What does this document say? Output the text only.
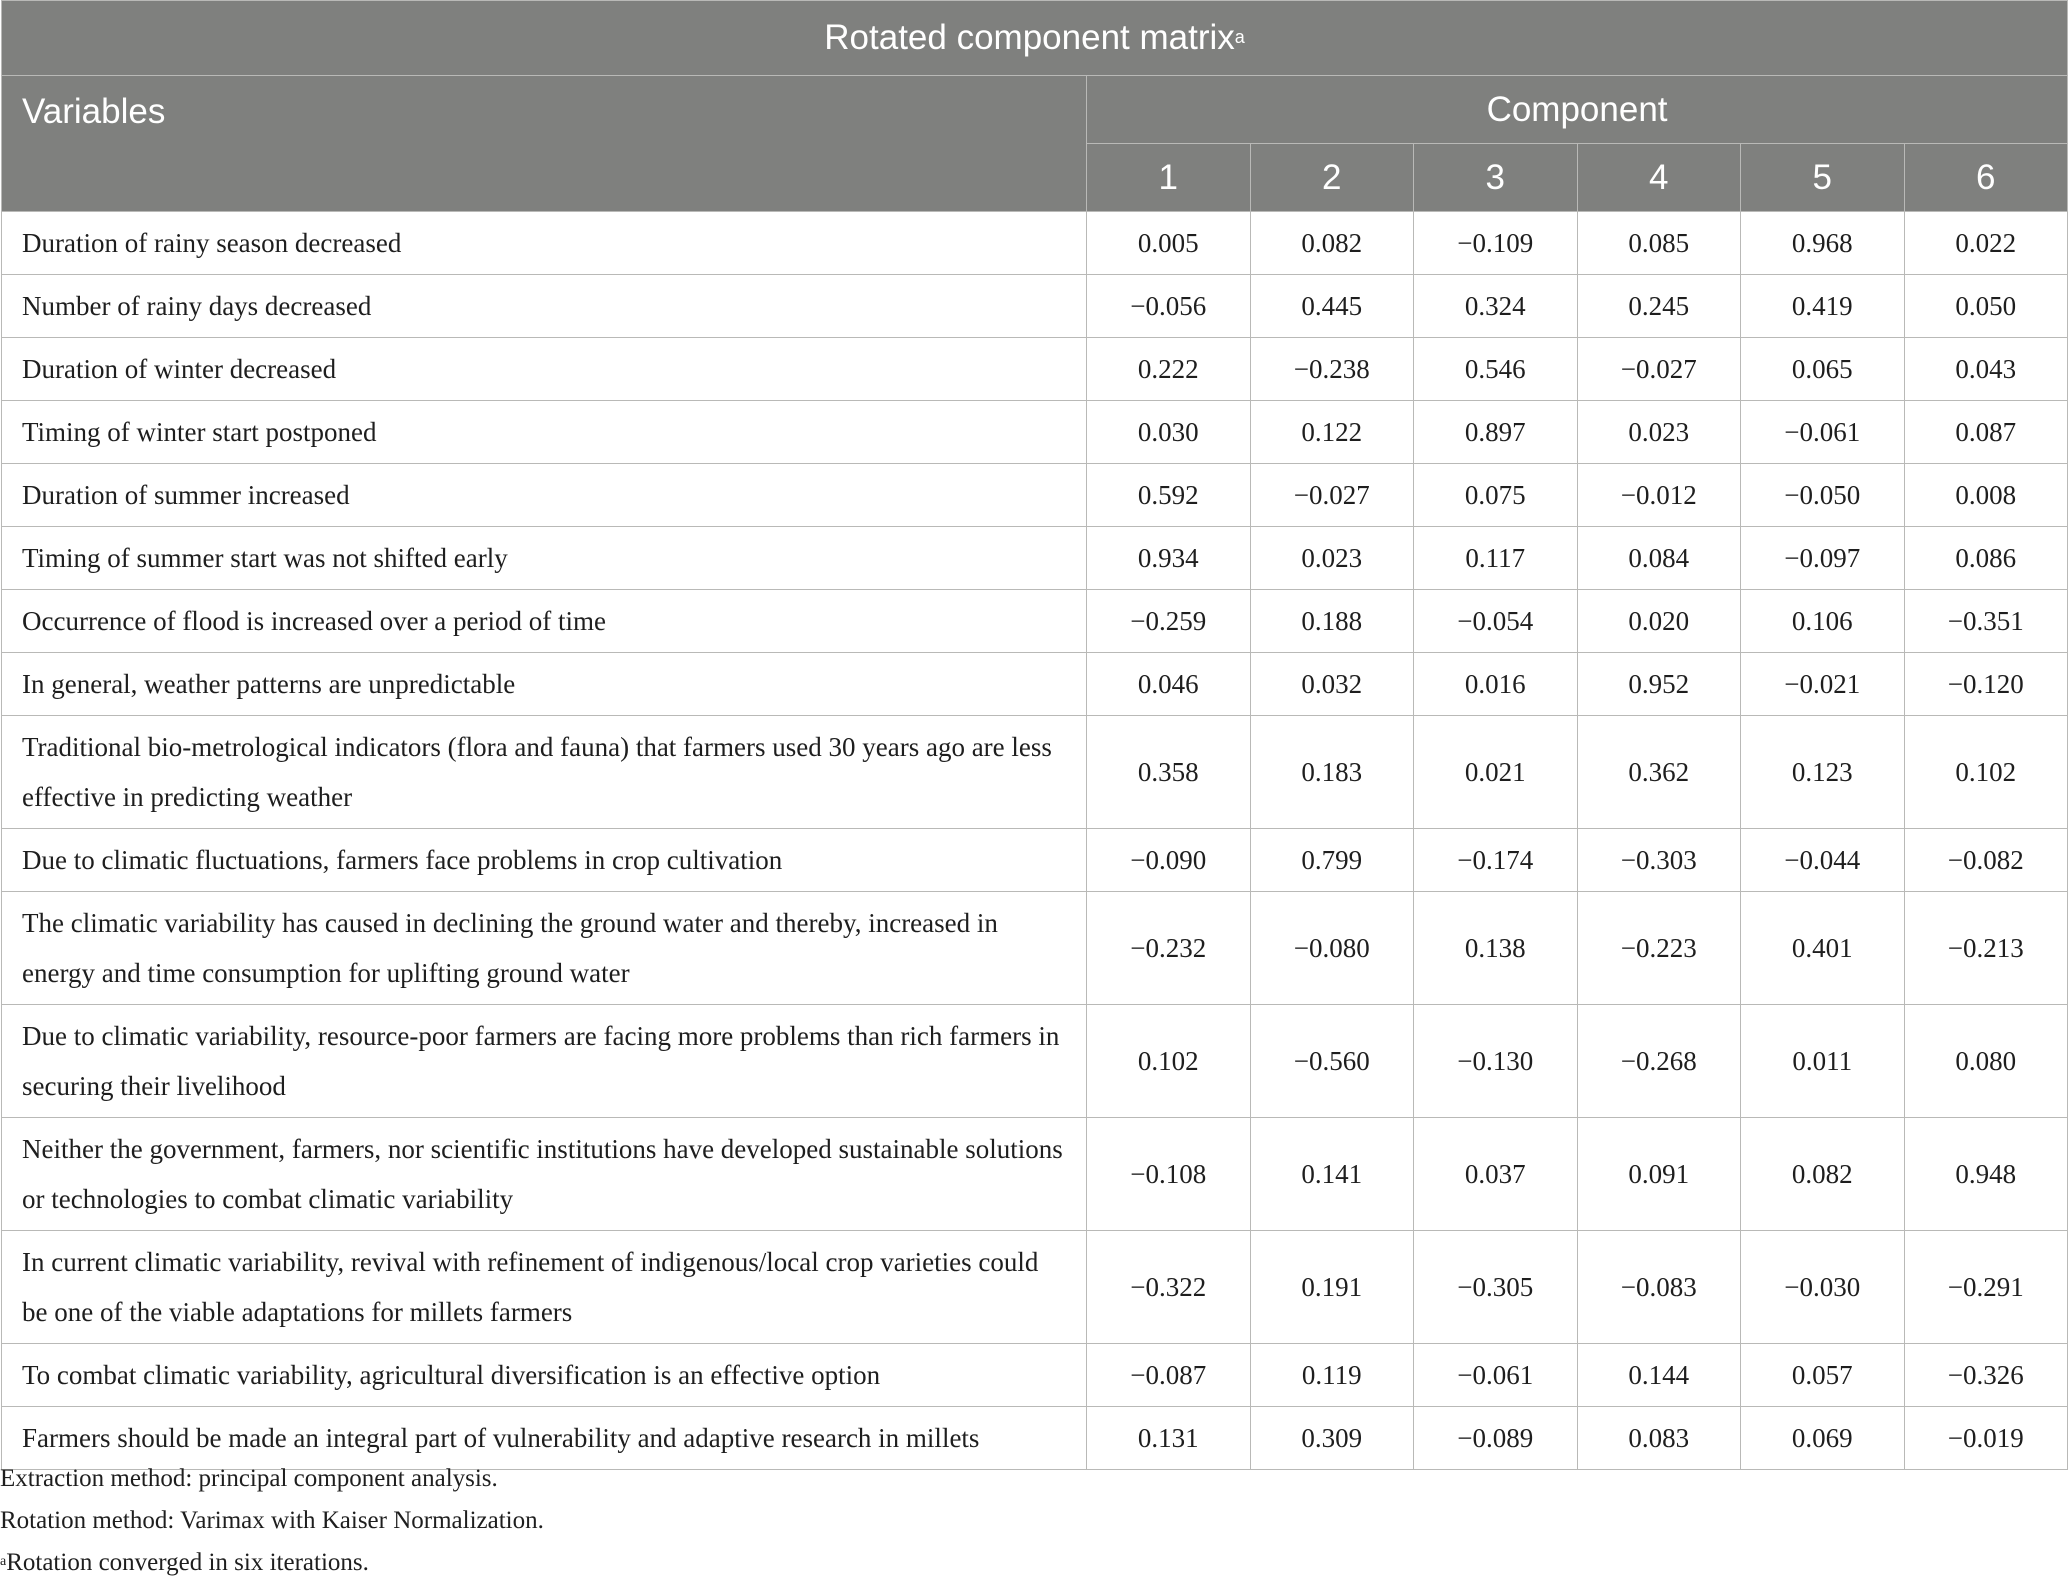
Rotated component matrix$^a$
Variables	Component					
	1	2	3	4	5	6
Duration of rainy season decreased	0.005	0.082	−0.109	0.085	0.968	0.022
Number of rainy days decreased	−0.056	0.445	0.324	0.245	0.419	0.050
Duration of winter decreased	0.222	−0.238	0.546	−0.027	0.065	0.043
Timing of winter start postponed	0.030	0.122	0.897	0.023	−0.061	0.087
Duration of summer increased	0.592	−0.027	0.075	−0.012	−0.050	0.008
Timing of summer start was not shifted early	0.934	0.023	0.117	0.084	−0.097	0.086
Occurrence of flood is increased over a period of time	−0.259	0.188	−0.054	0.020	0.106	−0.351
In general, weather patterns are unpredictable	0.046	0.032	0.016	0.952	−0.021	−0.120
Traditional bio-metrological indicators (flora and fauna) that farmers used 30 years ago are less effective in predicting weather	0.358	0.183	0.021	0.362	0.123	0.102
Due to climatic fluctuations, farmers face problems in crop cultivation	−0.090	0.799	−0.174	−0.303	−0.044	−0.082
The climatic variability has caused in declining the ground water and thereby, increased in energy and time consumption for uplifting ground water	−0.232	−0.080	0.138	−0.223	0.401	−0.213
Due to climatic variability, resource-poor farmers are facing more problems than rich farmers in securing their livelihood	0.102	−0.560	−0.130	−0.268	0.011	0.080
Neither the government, farmers, nor scientific institutions have developed sustainable solutions or technologies to combat climatic variability	−0.108	0.141	0.037	0.091	0.082	0.948
In current climatic variability, revival with refinement of indigenous/local crop varieties could be one of the viable adaptations for millets farmers	−0.322	0.191	−0.305	−0.083	−0.030	−0.291
To combat climatic variability, agricultural diversification is an effective option	−0.087	0.119	−0.061	0.144	0.057	−0.326
Farmers should be made an integral part of vulnerability and adaptive research in millets	0.131	0.309	−0.089	0.083	0.069	−0.019
Extraction method: principal component analysis.
Rotation method: Varimax with Kaiser Normalization.
$^a$Rotation converged in six iterations.
